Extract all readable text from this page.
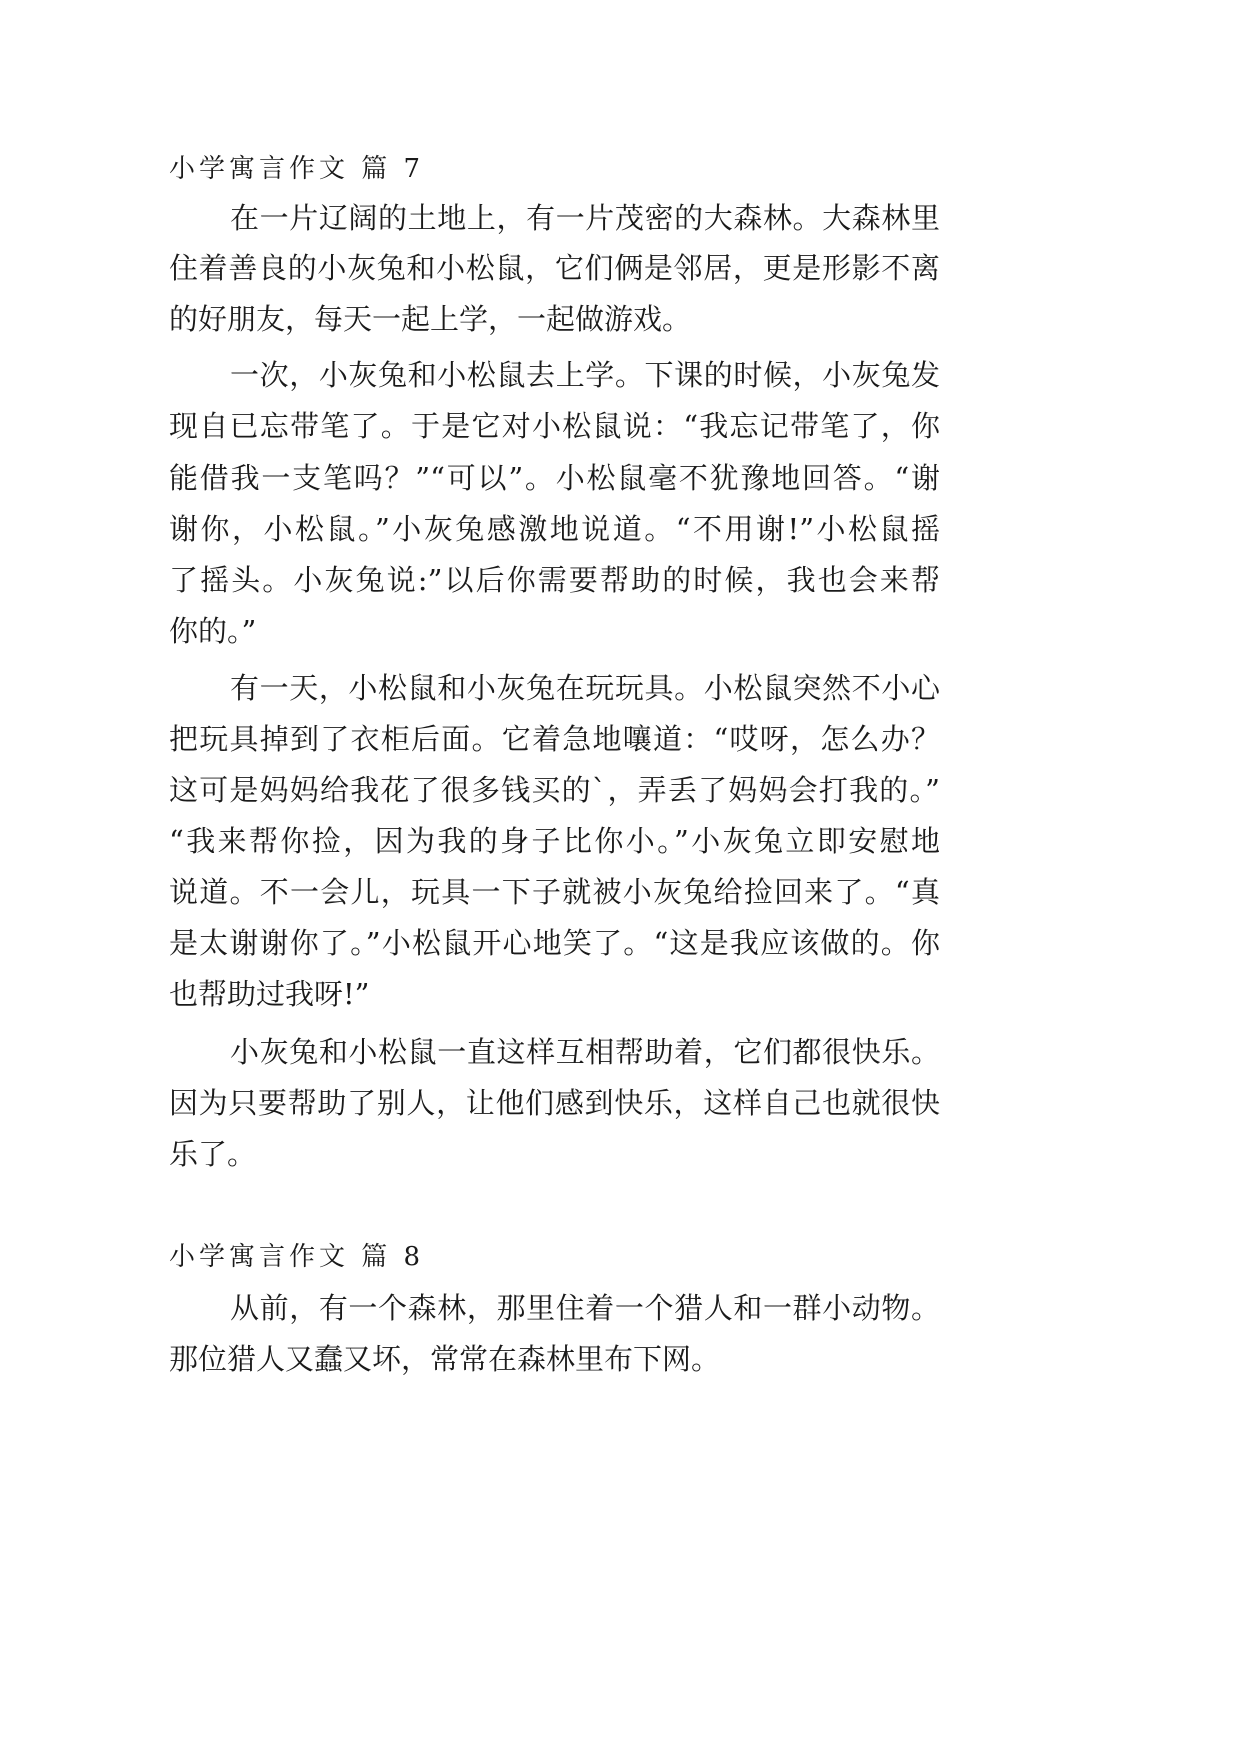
小学寓言作文 篇 7
在一片辽阔的土地上，有一片茂密的大森林。大森林里
住着善良的小灰兔和小松鼠，它们俩是邻居，更是形影不离
的好朋友，每天一起上学，一起做游戏。
一次，小灰兔和小松鼠去上学。下课的时候，小灰兔发
现自已忘带笔了。于是它对小松鼠说：“我忘记带笔了，你
能借我一支笔吗？”“可以”。小松鼠毫不犹豫地回答。“谢
谢你，小松鼠。”小灰兔感激地说道。“不用谢!”小松鼠摇
了摇头。小灰兔说:”以后你需要帮助的时候，我也会来帮
你的。”
有一天，小松鼠和小灰兔在玩玩具。小松鼠突然不小心
把玩具掉到了衣柜后面。它着急地嚷道：“哎呀，怎么办？
这可是妈妈给我花了很多钱买的`，弄丢了妈妈会打我的。”
“我来帮你捡，因为我的身子比你小。”小灰兔立即安慰地
说道。不一会儿，玩具一下子就被小灰兔给捡回来了。“真
是太谢谢你了。”小松鼠开心地笑了。“这是我应该做的。你
也帮助过我呀!”
小灰兔和小松鼠一直这样互相帮助着，它们都很快乐。
因为只要帮助了别人，让他们感到快乐，这样自己也就很快
乐了。
小学寓言作文 篇 8
从前，有一个森林，那里住着一个猎人和一群小动物。
那位猎人又蠢又坏，常常在森林里布下网。
